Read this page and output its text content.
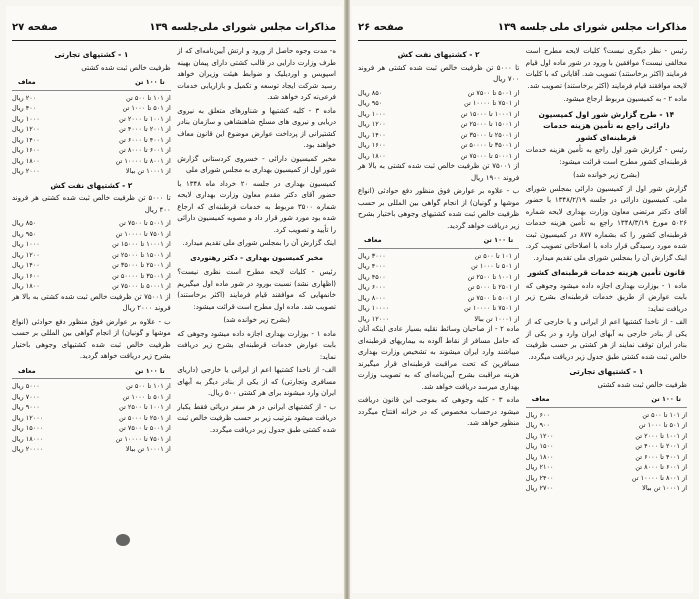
صفحه ۲۷	جلسه ۱۳۹ مذاکرات مجلس شورای ملی

ه- مدت وجوه حاصل از ورود و ارتش آیین‌نامه‌ای که از طرف وزارت دارایی در قالب کشتی دارای پیمان بهینه اسپویس و اوردیلیک و ضوابط هیئت وزیران خواهد رسید شرکت ایجاد توسعه و تکمیل و بازاریابی خدمات فرعی‌نه کرد خواهد شد.

ماده ۳ - کلیه کشتیها و شناورهای متعلق به نیروی دریایی و نیروی های مسلح شاهنشاهی و سازمان بنادر کشتیرانی از پرداخت عوارض موضوع این قانون معاف خواهند بود.

مخبر کمیسیون دارائی - خسروی کردستانی گزارش شور اول از کمیسیون بهداری به مجلس شورای ملی

کمیسیون بهداری در جلسه ۲۰ خرداد ماه ۱۳۴۸ با حضور آقای دکتر مقدم معاون وزارت بهداری لایحه شماره ۳۵۰۰ مربوط به خدمات قرطبنه‌ای که ارجاع شده بود مورد شور قرار داد و مصوبه کمیسیون دارائی را تأیید و تصویب کرد.

اینک گزارش آن را بمجلس شورای ملی تقدیم میدارد.

مخبر کمیسیون بهداری - دکتر رهنوردی

رئیس - کلیات لایحه مطرح است نظری نیست؟ (اظهاری نشد) نسبت بورود در شور ماده اول میگیریم خانمهایی که موافقند قیام فرمایند (اکثر برخاستند) تصویب شد. ماده اول مطرح است قرائت میشود:

(بشرح زیر خوانده شد)

ماده ۱ - بوزارت بهداری اجازه داده میشود وجوهی که بابت عوارض خدمات قرطبنه‌ای بشرح زیر دریافت نماید:

الف- از ناخدا کشتیها اعم از ایرانی یا خارجی (داریای مسافری وتجارتی) که از یکی از بنادر دیگر به آبهای ایران وارد میشوند برای هر کشتی ۵۰۰ ریال.

ب - از کشتیهای ایرانی در هر سفر دریائی فقط یکبار دریافت میشود بترتیب زیر بر حسب ظرفیت خالص ثبت شده کشتی طبق جدول زیر دریافت میگردد.

۱ - کشتیهای تجارتی

ظرفیت خالص ثبت شده کشتی

تا ۱۰۰ تن
معاف
از ۱۰۱ تا ۵۰۰ تن
۲۰۰ ریال
از ۵۰۱ تا ۱۰۰۰ تن
۴۰۰ ریال
از ۱۰۰۱ تا ۲۰۰۰ تن
۱۰۰۰ ریال
از ۲۰۰۱ تا ۴۰۰۰ تن
۱۲۰۰ ریال
از ۴۰۰۱ تا ۶۰۰۰ تن
۱۴۰۰ ریال
از ۶۰۰۱ تا ۸۰۰۰ تن
۱۶۰۰ ریال
از ۸۰۰۱ تا ۱۰۰۰۰ تن
۱۸۰۰ ریال
از ۱۰۰۰۱ تن ببالا
۲۰۰۰ ریال
۲ - کشتیهای نفت کش

تا ۵۰۰۰ تن ظرفیت خالص ثبت شده کشتی هر فروند ۴۰۰ ریال

از ۵۰۰۱ تا ۷۵۰۰ تن
۸۵۰ ریال
از ۷۵۰۱ تا ۱۰۰۰۰ تن
۹۵۰ ریال
از ۱۰۰۰۱ تا ۱۵۰۰۰ تن
۱۰۰۰ ریال
از ۱۵۰۰۱ تا ۲۵۰۰۰ تن
۱۲۰۰ ریال
از ۲۵۰۰۱ تا ۳۵۰۰۰ تن
۱۴۰۰ ریال
از ۳۵۰۰۱ تا ۵۰۰۰۰ تن
۱۶۰۰ ریال
از ۵۰۰۰۱ تا ۷۵۰۰۰ تن
۱۸۰۰ ریال

از ۷۵۰۰۱ تن ظرفیت خالص ثبت شده کشتی به بالا هر فروند ۲۰۰۰ ریال

ب - علاوه بر عوارض فوق منظور دفع حوادثی (انواع موشها و گونیان) از انجام گواهی بین المللی بر حسب ظرفیت خالص ثبت شده کشتیهای وجوهی باختیار بشرح زیر دریافت خواهد گردید.

تا ۱۰۰ تن
معاف
از ۱۰۱ تا ۵۰۰ تن
۵۰۰۰ ریال
از ۵۰۱ تا ۱۰۰۰ تن
۷۰۰۰ ریال
از ۱۰۰۱ تا ۲۵۰۰ تن
۹۰۰۰ ریال
از ۲۵۰۱ تا ۵۰۰۰ تن
۱۲۰۰۰ ریال
از ۵۰۰۱ تا ۷۵۰۰ تن
۱۵۰۰۰ ریال
از ۷۵۰۱ تا ۱۰۰۰۰ تن
۱۸۰۰۰ ریال
از ۱۰۰۰۱ تن ببالا
۲۰۰۰۰ ریال
صفحه ۲۶	جلسه ۱۳۹ مذاکرات مجلس شورای ملی

رئیس - نظر دیگری نیست؟ کلیات لایحه مطرح است مخالفی نیست؟ موافقین با ورود در شور ماده اول قیام فرمایند (اکثر برخاستند) تصویب شد. آقایانی که با کلیات لایحه موافقند قیام فرمایند (اکثر برخاستند) تصویب شد.

ماده ۲ - به کمیسیون مربوط ارجاع میشود.

۱۴ - طرح گزارش شور اول کمیسیون دارائی راجع به تأمین هزینه خدمات قرطبنه‌ای کشور

رئیس - گزارش شور اول راجع به تأمین هزینه خدمات قرطبنه‌ای کشور مطرح است قرائت میشود:

(بشرح زیر خوانده شد)

گزارش شور اول از کمیسیون دارائی بمجلس شورای ملی. کمیسیون دارائی در جلسه ۱۳۴۸/۲/۱۹ با حضور آقای دکتر مرتضی معاون وزارت بهداری لایحه شماره ۵۰۲۶ مورخ ۱۳۴۸/۳/۱۹ راجع به تأمین هزینه خدمات قرطبنه‌ای کشور را که بشماره ۸۷۷ در کمیسیون ثبت شده مورد رسیدگی قرار داده با اصلاحاتی تصویب کرد. اینک گزارش آن را بمجلس شورای ملی تقدیم میدارد.

قانون تأمین هزینه خدمات قرطبنه‌ای کشور

ماده ۱ - بوزارت بهداری اجازه داده میشود وجوهی که بابت عوارض از طریق خدمات قرطبنه‌ای بشرح زیر دریافت نماید:

الف - از ناخدا کشتیها اعم از ایرانی و یا خارجی که از یکی از بنادر خارجی به آبهای ایران وارد و در یکی از بنادر ایران توقف نمایند از هر کشتی بر حسب ظرفیت خالص ثبت شده کشتی طبق جدول زیر دریافت میگردد.

۱ - کشتیهای تجارتی

ظرفیت خالص ثبت شده کشتی

تا ۱۰۰ تن
معاف
از ۱۰۱ تا ۵۰۰ تن
۶۰۰ ریال
از ۵۰۱ تا ۱۰۰۰ تن
۹۰۰ ریال
از ۱۰۰۱ تا ۲۰۰۰ تن
۱۲۰۰ ریال
از ۲۰۰۱ تا ۴۰۰۰ تن
۱۵۰۰ ریال
از ۴۰۰۱ تا ۶۰۰۰ تن
۱۸۰۰ ریال
از ۶۰۰۱ تا ۸۰۰۰ تن
۲۱۰۰ ریال
از ۸۰۰۱ تا ۱۰۰۰۰ تن
۲۴۰۰ ریال
از ۱۰۰۰۱ تن ببالا
۲۷۰۰ ریال
۲ - کشتیهای نفت کش

تا ۵۰۰۰ تن ظرفیت خالص ثبت شده کشتی هر فروند ۷۰۰ ریال

از ۵۰۰۱ تا ۷۵۰۰ تن
۸۵۰ ریال
از ۷۵۰۱ تا ۱۰۰۰۰ تن
۹۵۰ ریال
از ۱۰۰۰۱ تا ۱۵۰۰۰ تن
۱۰۰۰ ریال
از ۱۵۰۰۱ تا ۲۵۰۰۰ تن
۱۲۰۰ ریال
از ۲۵۰۰۱ تا ۳۵۰۰۰ تن
۱۴۰۰ ریال
از ۳۵۰۰۱ تا ۵۰۰۰۰ تن
۱۶۰۰ ریال
از ۵۰۰۰۱ تا ۷۵۰۰۰ تن
۱۸۰۰ ریال

از ۷۵۰۰۱ تن ظرفیت خالص ثبت شده کشتی به بالا هر فروند ۱۹۰۰ ریال

ب - علاوه بر عوارض فوق منظور دفع حوادثی (انواع موشها و گونیان) از انجام گواهی بین المللی بر حسب ظرفیت خالص ثبت شده کشتیهای وجوهی باختیار بشرح زیر دریافت خواهد گردید.

تا ۱۰۰ تن
معاف
از ۱۰۱ تا ۵۰۰ تن
۳۰۰۰ ریال
از ۵۰۱ تا ۱۰۰۰ تن
۴۰۰۰ ریال
از ۱۰۰۱ تا ۲۵۰۰ تن
۴۵۰۰ ریال
از ۲۵۰۱ تا ۵۰۰۰ تن
۶۰۰۰ ریال
از ۵۰۰۱ تا ۷۵۰۰ تن
۸۰۰۰ ریال
از ۷۵۰۱ تا ۱۰۰۰۰ تن
۱۰۰۰۰ ریال
از ۱۰۰۰۱ تن ببالا
۱۲۰۰۰ ریال

ماده ۲ - از صاحبان وسائط نقلیه بسیار عادی اینکه آنان که حامل مسافر از نقاط آلوده به بیماریهای قرطبنه‌ای میباشند وارد ایران میشوند به تشخیص وزارت بهداری مسافرین که تحت مراقبت قرطبنه‌ای قرار میگیرند هزینه مراقبت بشرح آیین‌نامه‌ای که به تصویب وزارت بهداری میرسد دریافت خواهد شد.

ماده ۳ - کلیه وجوهی که بموجب این قانون دریافت میشود درحساب مخصوص که در خزانه افتتاح میگردد منظور خواهد شد.
